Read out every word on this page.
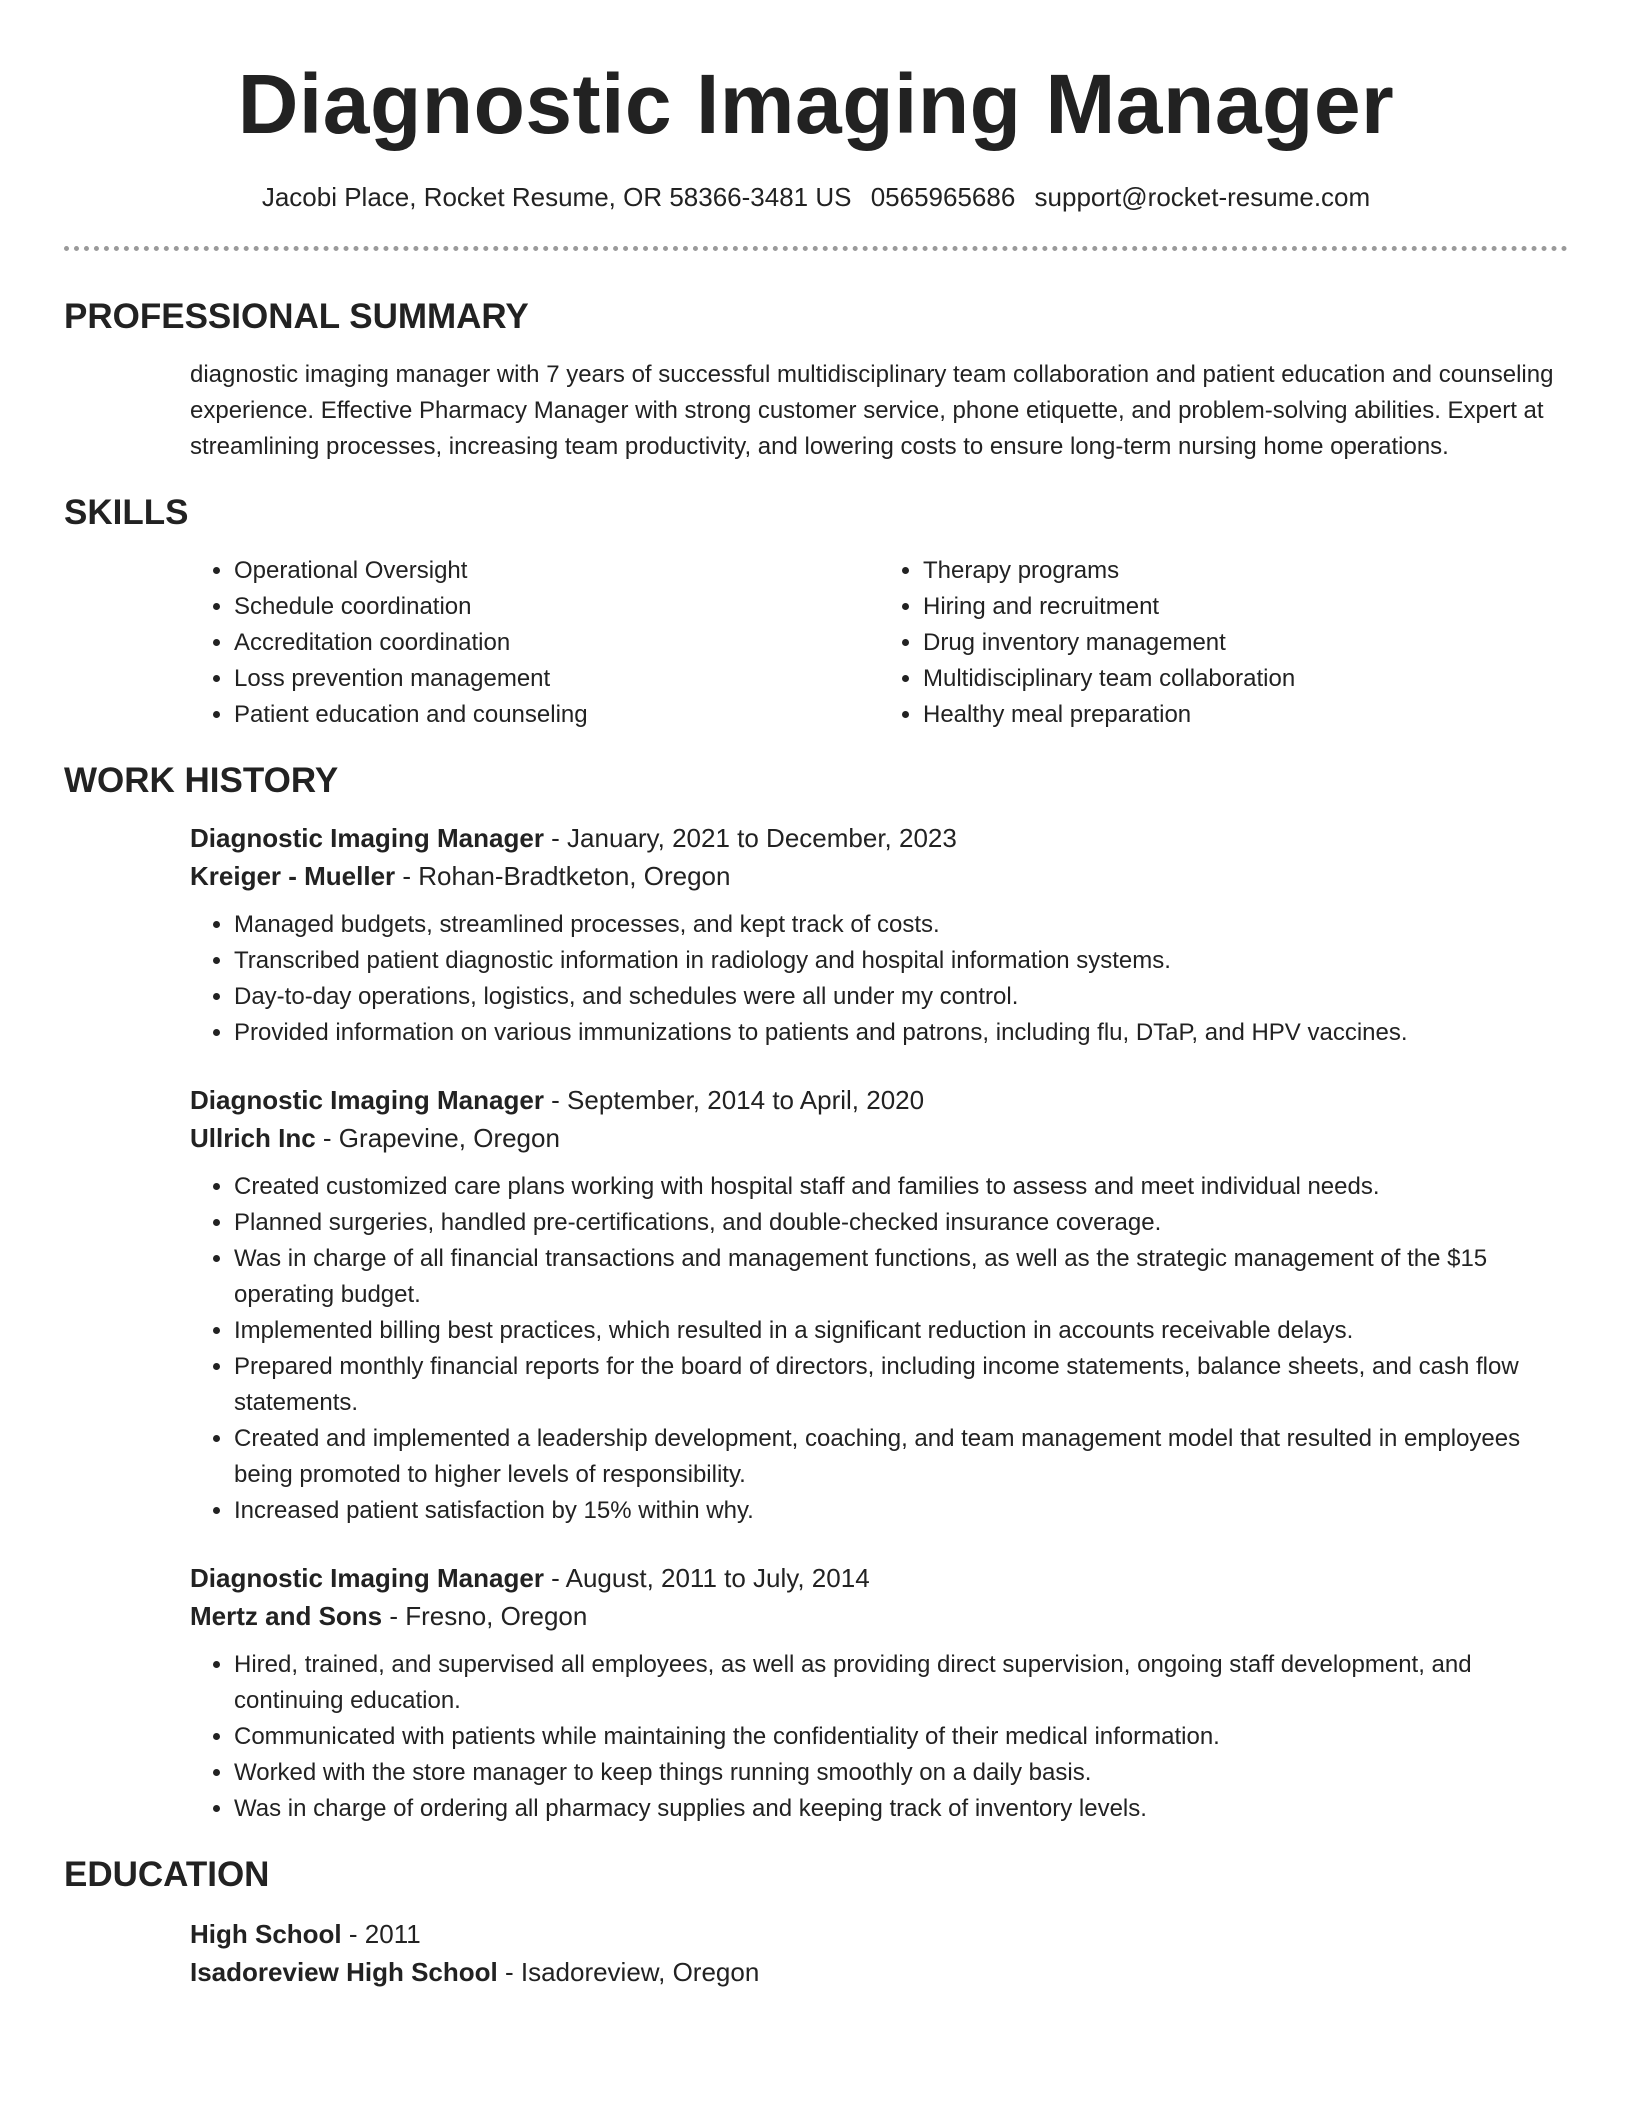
Diagnostic Imaging Manager
Jacobi Place, Rocket Resume, OR 58366-3481 US 0565965686 support@rocket-resume.com
PROFESSIONAL SUMMARY

diagnostic imaging manager with 7 years of successful multidisciplinary team collaboration and patient education and counseling experience. Effective Pharmacy Manager with strong customer service, phone etiquette, and problem-solving abilities. Expert at streamlining processes, increasing team productivity, and lowering costs to ensure long-term nursing home operations.

SKILLS
• Operational Oversight
• Schedule coordination
• Accreditation coordination
• Loss prevention management
• Patient education and counseling
• Therapy programs
• Hiring and recruitment
• Drug inventory management
• Multidisciplinary team collaboration
• Healthy meal preparation
WORK HISTORY
Diagnostic Imaging Manager - January, 2021 to December, 2023
Kreiger - Mueller - Rohan-Bradtketon, Oregon
• Managed budgets, streamlined processes, and kept track of costs.
• Transcribed patient diagnostic information in radiology and hospital information systems.
• Day-to-day operations, logistics, and schedules were all under my control.
• Provided information on various immunizations to patients and patrons, including flu, DTaP, and HPV vaccines.
Diagnostic Imaging Manager - September, 2014 to April, 2020
Ullrich Inc - Grapevine, Oregon
• Created customized care plans working with hospital staff and families to assess and meet individual needs.
• Planned surgeries, handled pre-certifications, and double-checked insurance coverage.
• Was in charge of all financial transactions and management functions, as well as the strategic management of the $15 operating budget.
• Implemented billing best practices, which resulted in a significant reduction in accounts receivable delays.
• Prepared monthly financial reports for the board of directors, including income statements, balance sheets, and cash flow statements.
• Created and implemented a leadership development, coaching, and team management model that resulted in employees being promoted to higher levels of responsibility.
• Increased patient satisfaction by 15% within why.
Diagnostic Imaging Manager - August, 2011 to July, 2014
Mertz and Sons - Fresno, Oregon
• Hired, trained, and supervised all employees, as well as providing direct supervision, ongoing staff development, and continuing education.
• Communicated with patients while maintaining the confidentiality of their medical information.
• Worked with the store manager to keep things running smoothly on a daily basis.
• Was in charge of ordering all pharmacy supplies and keeping track of inventory levels.
EDUCATION
High School - 2011
Isadoreview High School - Isadoreview, Oregon
